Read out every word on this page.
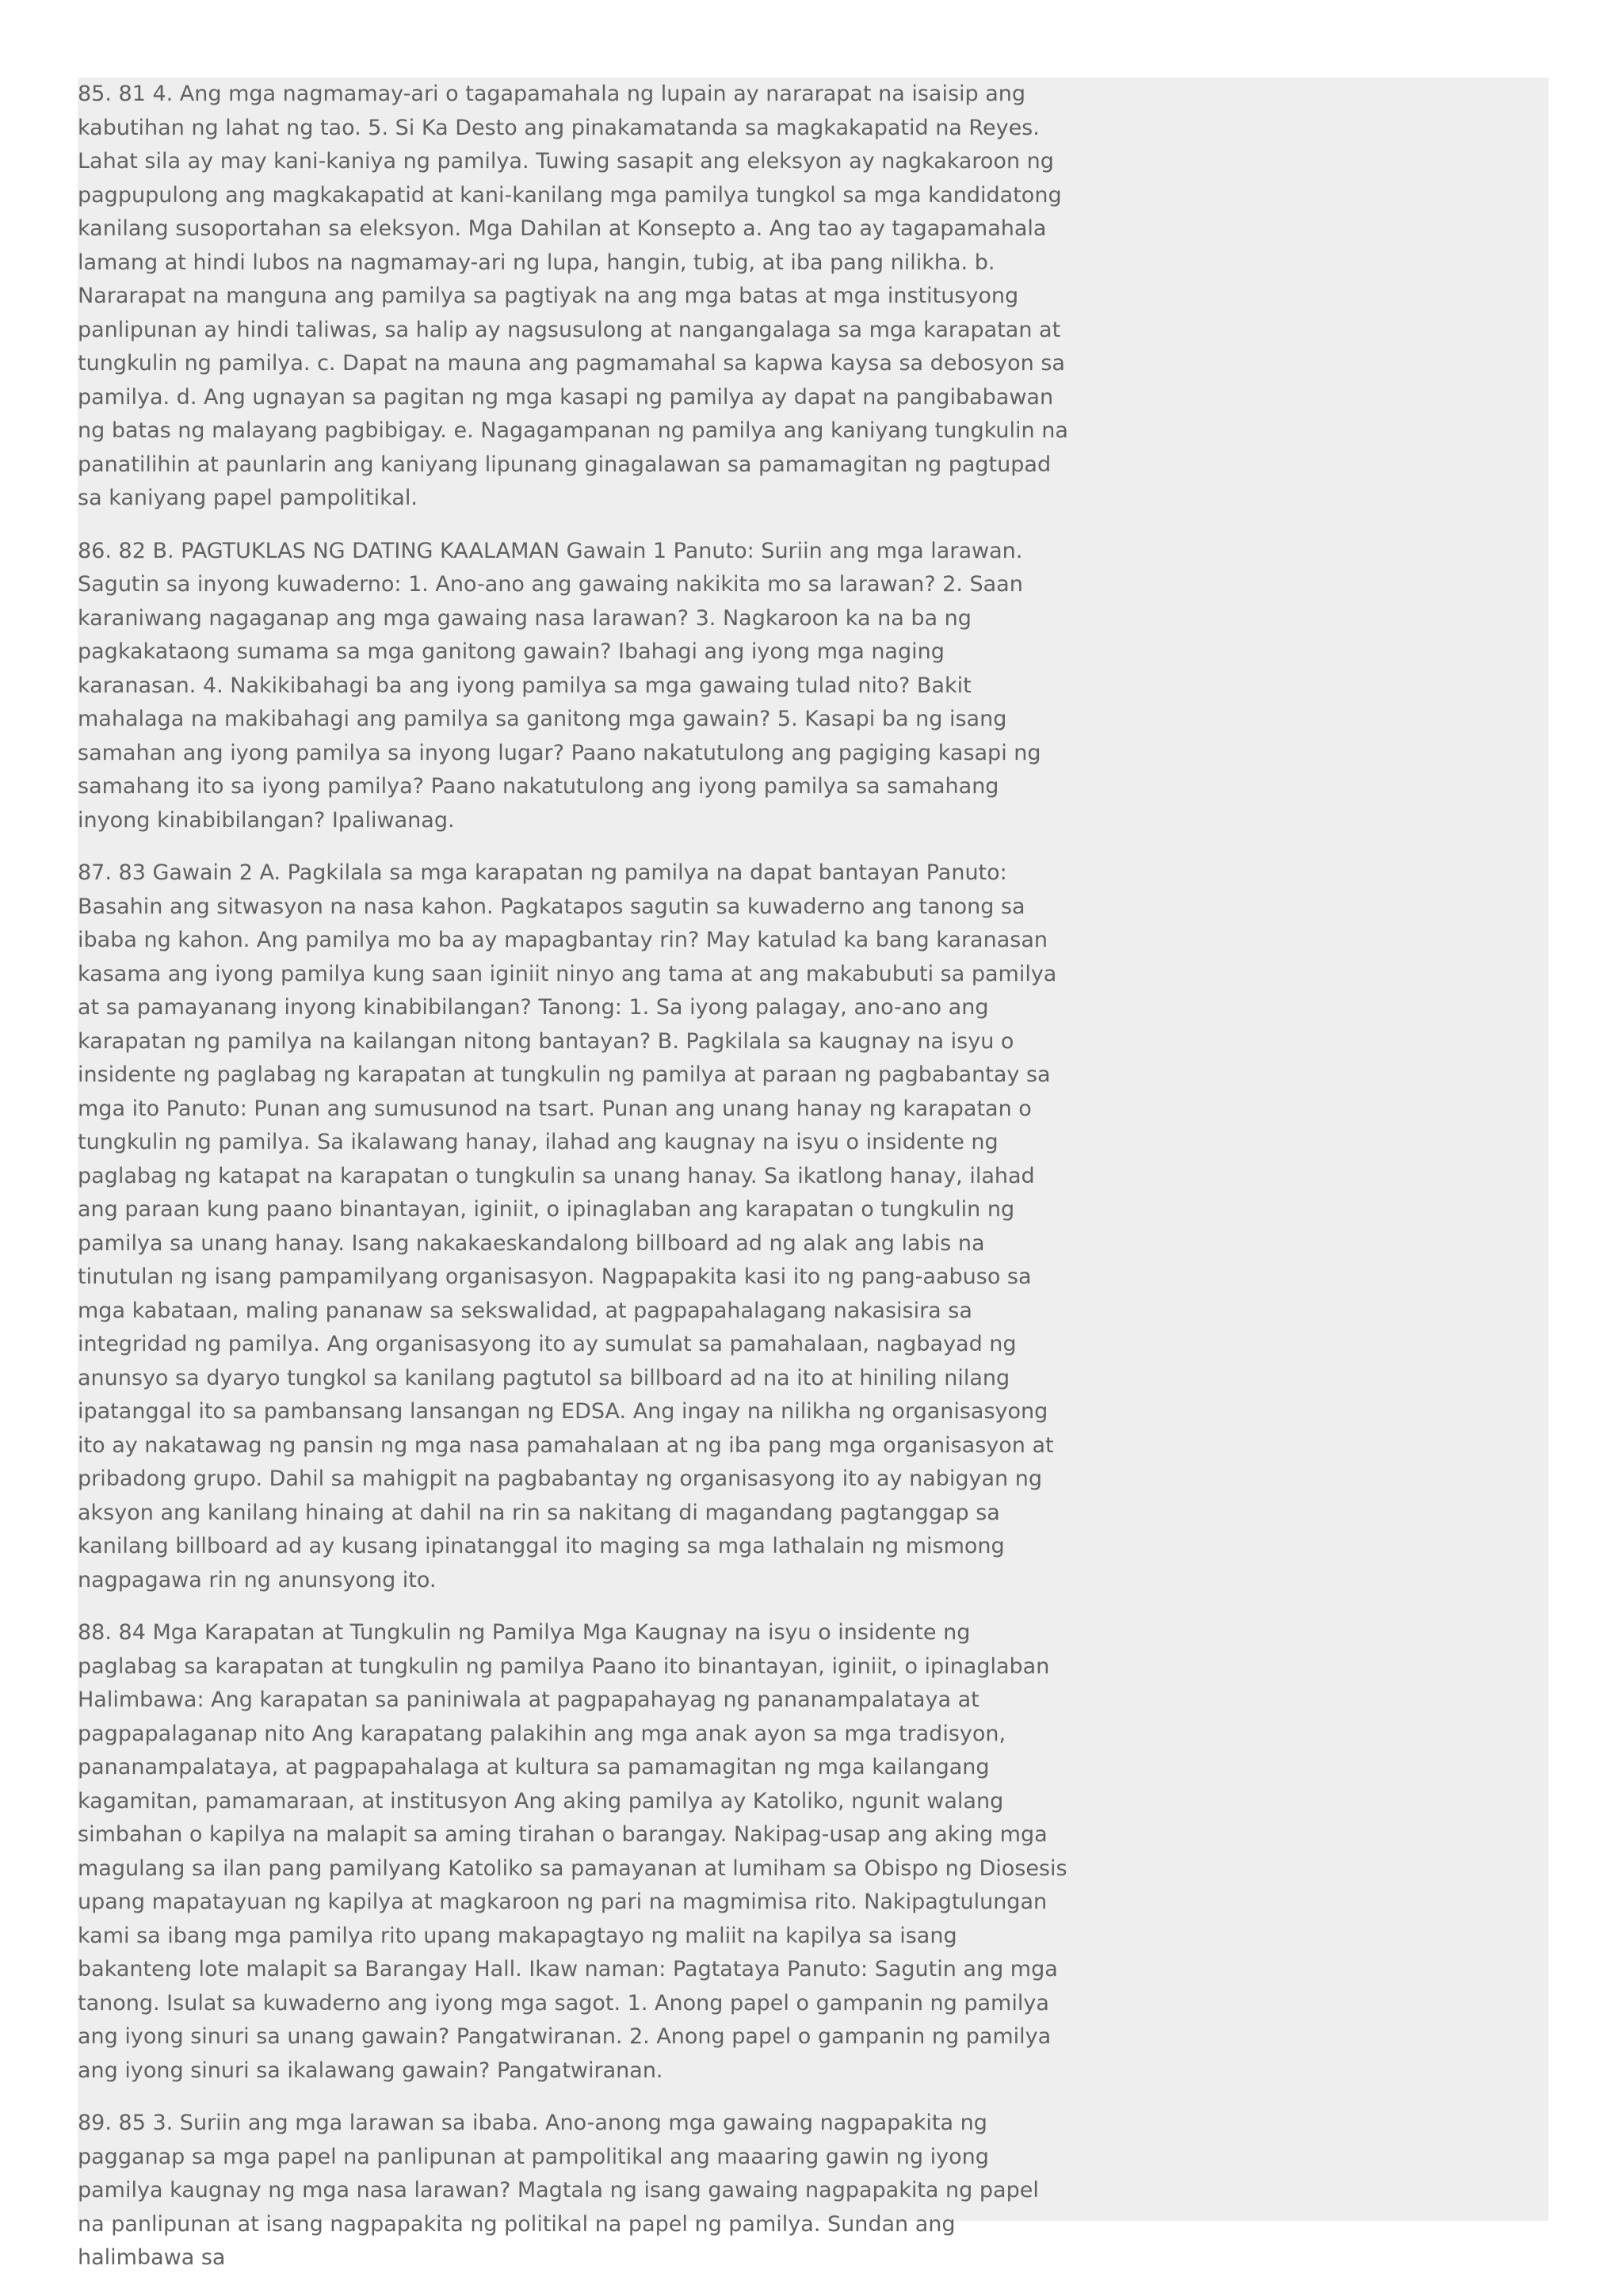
85. 81 4. Ang mga nagmamay-ari o tagapamahala ng lupain ay nararapat na isaisip ang kabutihan ng lahat ng tao. 5. Si Ka Desto ang pinakamatanda sa magkakapatid na Reyes. Lahat sila ay may kani-kaniya ng pamilya. Tuwing sasapit ang eleksyon ay nagkakaroon ng pagpupulong ang magkakapatid at kani-kanilang mga pamilya tungkol sa mga kandidatong kanilang susoportahan sa eleksyon. Mga Dahilan at Konsepto a. Ang tao ay tagapamahala lamang at hindi lubos na nagmamay-ari ng lupa, hangin, tubig, at iba pang nilikha. b. Nararapat na manguna ang pamilya sa pagtiyak na ang mga batas at mga institusyong panlipunan ay hindi taliwas, sa halip ay nagsusulong at nangangalaga sa mga karapatan at tungkulin ng pamilya. c. Dapat na mauna ang pagmamahal sa kapwa kaysa sa debosyon sa pamilya. d. Ang ugnayan sa pagitan ng mga kasapi ng pamilya ay dapat na pangibabawan ng batas ng malayang pagbibigay. e. Nagagampanan ng pamilya ang kaniyang tungkulin na panatilihin at paunlarin ang kaniyang lipunang ginagalawan sa pamamagitan ng pagtupad sa kaniyang papel pampolitikal.

86. 82 B. PAGTUKLAS NG DATING KAALAMAN Gawain 1 Panuto: Suriin ang mga larawan. Sagutin sa inyong kuwaderno: 1. Ano-ano ang gawaing nakikita mo sa larawan? 2. Saan karaniwang nagaganap ang mga gawaing nasa larawan? 3. Nagkaroon ka na ba ng pagkakataong sumama sa mga ganitong gawain? Ibahagi ang iyong mga naging karanasan. 4. Nakikibahagi ba ang iyong pamilya sa mga gawaing tulad nito? Bakit mahalaga na makibahagi ang pamilya sa ganitong mga gawain? 5. Kasapi ba ng isang samahan ang iyong pamilya sa inyong lugar? Paano nakatutulong ang pagiging kasapi ng samahang ito sa iyong pamilya? Paano nakatutulong ang iyong pamilya sa samahang inyong kinabibilangan? Ipaliwanag.

87. 83 Gawain 2 A. Pagkilala sa mga karapatan ng pamilya na dapat bantayan Panuto: Basahin ang sitwasyon na nasa kahon. Pagkatapos sagutin sa kuwaderno ang tanong sa ibaba ng kahon. Ang pamilya mo ba ay mapagbantay rin? May katulad ka bang karanasan kasama ang iyong pamilya kung saan iginiit ninyo ang tama at ang makabubuti sa pamilya at sa pamayanang inyong kinabibilangan? Tanong: 1. Sa iyong palagay, ano-ano ang karapatan ng pamilya na kailangan nitong bantayan? B. Pagkilala sa kaugnay na isyu o insidente ng paglabag ng karapatan at tungkulin ng pamilya at paraan ng pagbabantay sa mga ito Panuto: Punan ang sumusunod na tsart. Punan ang unang hanay ng karapatan o tungkulin ng pamilya. Sa ikalawang hanay, ilahad ang kaugnay na isyu o insidente ng paglabag ng katapat na karapatan o tungkulin sa unang hanay. Sa ikatlong hanay, ilahad ang paraan kung paano binantayan, iginiit, o ipinaglaban ang karapatan o tungkulin ng pamilya sa unang hanay. Isang nakakaeskandalong billboard ad ng alak ang labis na tinutulan ng isang pampamilyang organisasyon. Nagpapakita kasi ito ng pang-aabuso sa mga kabataan, maling pananaw sa sekswalidad, at pagpapahalagang nakasisira sa integridad ng pamilya. Ang organisasyong ito ay sumulat sa pamahalaan, nagbayad ng anunsyo sa dyaryo tungkol sa kanilang pagtutol sa billboard ad na ito at hiniling nilang ipatanggal ito sa pambansang lansangan ng EDSA. Ang ingay na nilikha ng organisasyong ito ay nakatawag ng pansin ng mga nasa pamahalaan at ng iba pang mga organisasyon at pribadong grupo. Dahil sa mahigpit na pagbabantay ng organisasyong ito ay nabigyan ng aksyon ang kanilang hinaing at dahil na rin sa nakitang di magandang pagtanggap sa kanilang billboard ad ay kusang ipinatanggal ito maging sa mga lathalain ng mismong nagpagawa rin ng anunsyong ito.

88. 84 Mga Karapatan at Tungkulin ng Pamilya Mga Kaugnay na isyu o insidente ng paglabag sa karapatan at tungkulin ng pamilya Paano ito binantayan, iginiit, o ipinaglaban Halimbawa: Ang karapatan sa paniniwala at pagpapahayag ng pananampalataya at pagpapalaganap nito Ang karapatang palakihin ang mga anak ayon sa mga tradisyon, pananampalataya, at pagpapahalaga at kultura sa pamamagitan ng mga kailangang kagamitan, pamamaraan, at institusyon Ang aking pamilya ay Katoliko, ngunit walang simbahan o kapilya na malapit sa aming tirahan o barangay. Nakipag-usap ang aking mga magulang sa ilan pang pamilyang Katoliko sa pamayanan at lumiham sa Obispo ng Diosesis upang mapatayuan ng kapilya at magkaroon ng pari na magmimisa rito. Nakipagtulungan kami sa ibang mga pamilya rito upang makapagtayo ng maliit na kapilya sa isang bakanteng lote malapit sa Barangay Hall. Ikaw naman: Pagtataya Panuto: Sagutin ang mga tanong. Isulat sa kuwaderno ang iyong mga sagot. 1. Anong papel o gampanin ng pamilya ang iyong sinuri sa unang gawain? Pangatwiranan. 2. Anong papel o gampanin ng pamilya ang iyong sinuri sa ikalawang gawain? Pangatwiranan.

89. 85 3. Suriin ang mga larawan sa ibaba. Ano-anong mga gawaing nagpapakita ng pagganap sa mga papel na panlipunan at pampolitikal ang maaaring gawin ng iyong pamilya kaugnay ng mga nasa larawan? Magtala ng isang gawaing nagpapakita ng papel na panlipunan at isang nagpapakita ng politikal na papel ng pamilya. Sundan ang halimbawa sa
